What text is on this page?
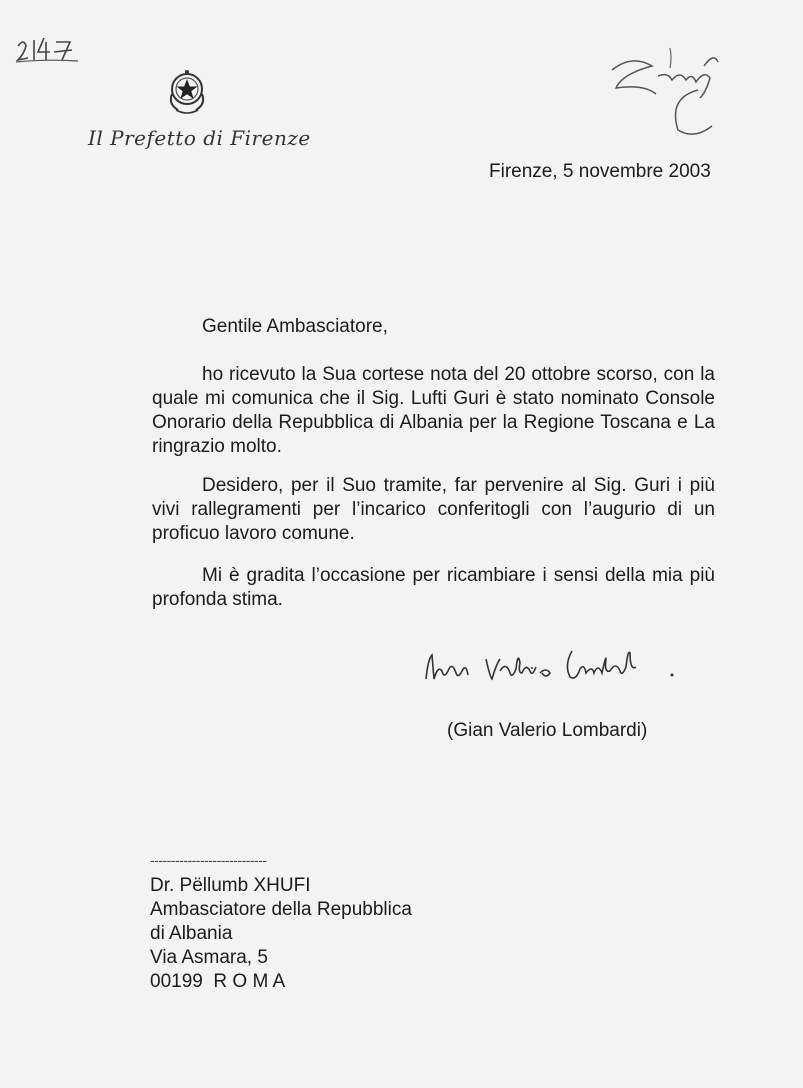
Il Prefetto di Firenze
Firenze, 5 novembre 2003
Gentile Ambasciatore,
ho ricevuto la Sua cortese nota del 20 ottobre scorso, con la quale mi comunica che il Sig. Lufti Guri è stato nominato Console Onorario della Repubblica di Albania per la Regione Toscana e La ringrazio molto.
Desidero, per il Suo tramite, far pervenire al Sig. Guri i più vivi rallegramenti per l’incarico conferitogli con l’augurio di un proficuo lavoro comune.
Mi è gradita l’occasione per ricambiare i sensi della mia più profonda stima.
(Gian Valerio Lombardi)
----------------------------
Dr. Pëllumb XHUFI
Ambasciatore della Repubblica
di Albania
Via Asmara, 5
00199  R O M A
